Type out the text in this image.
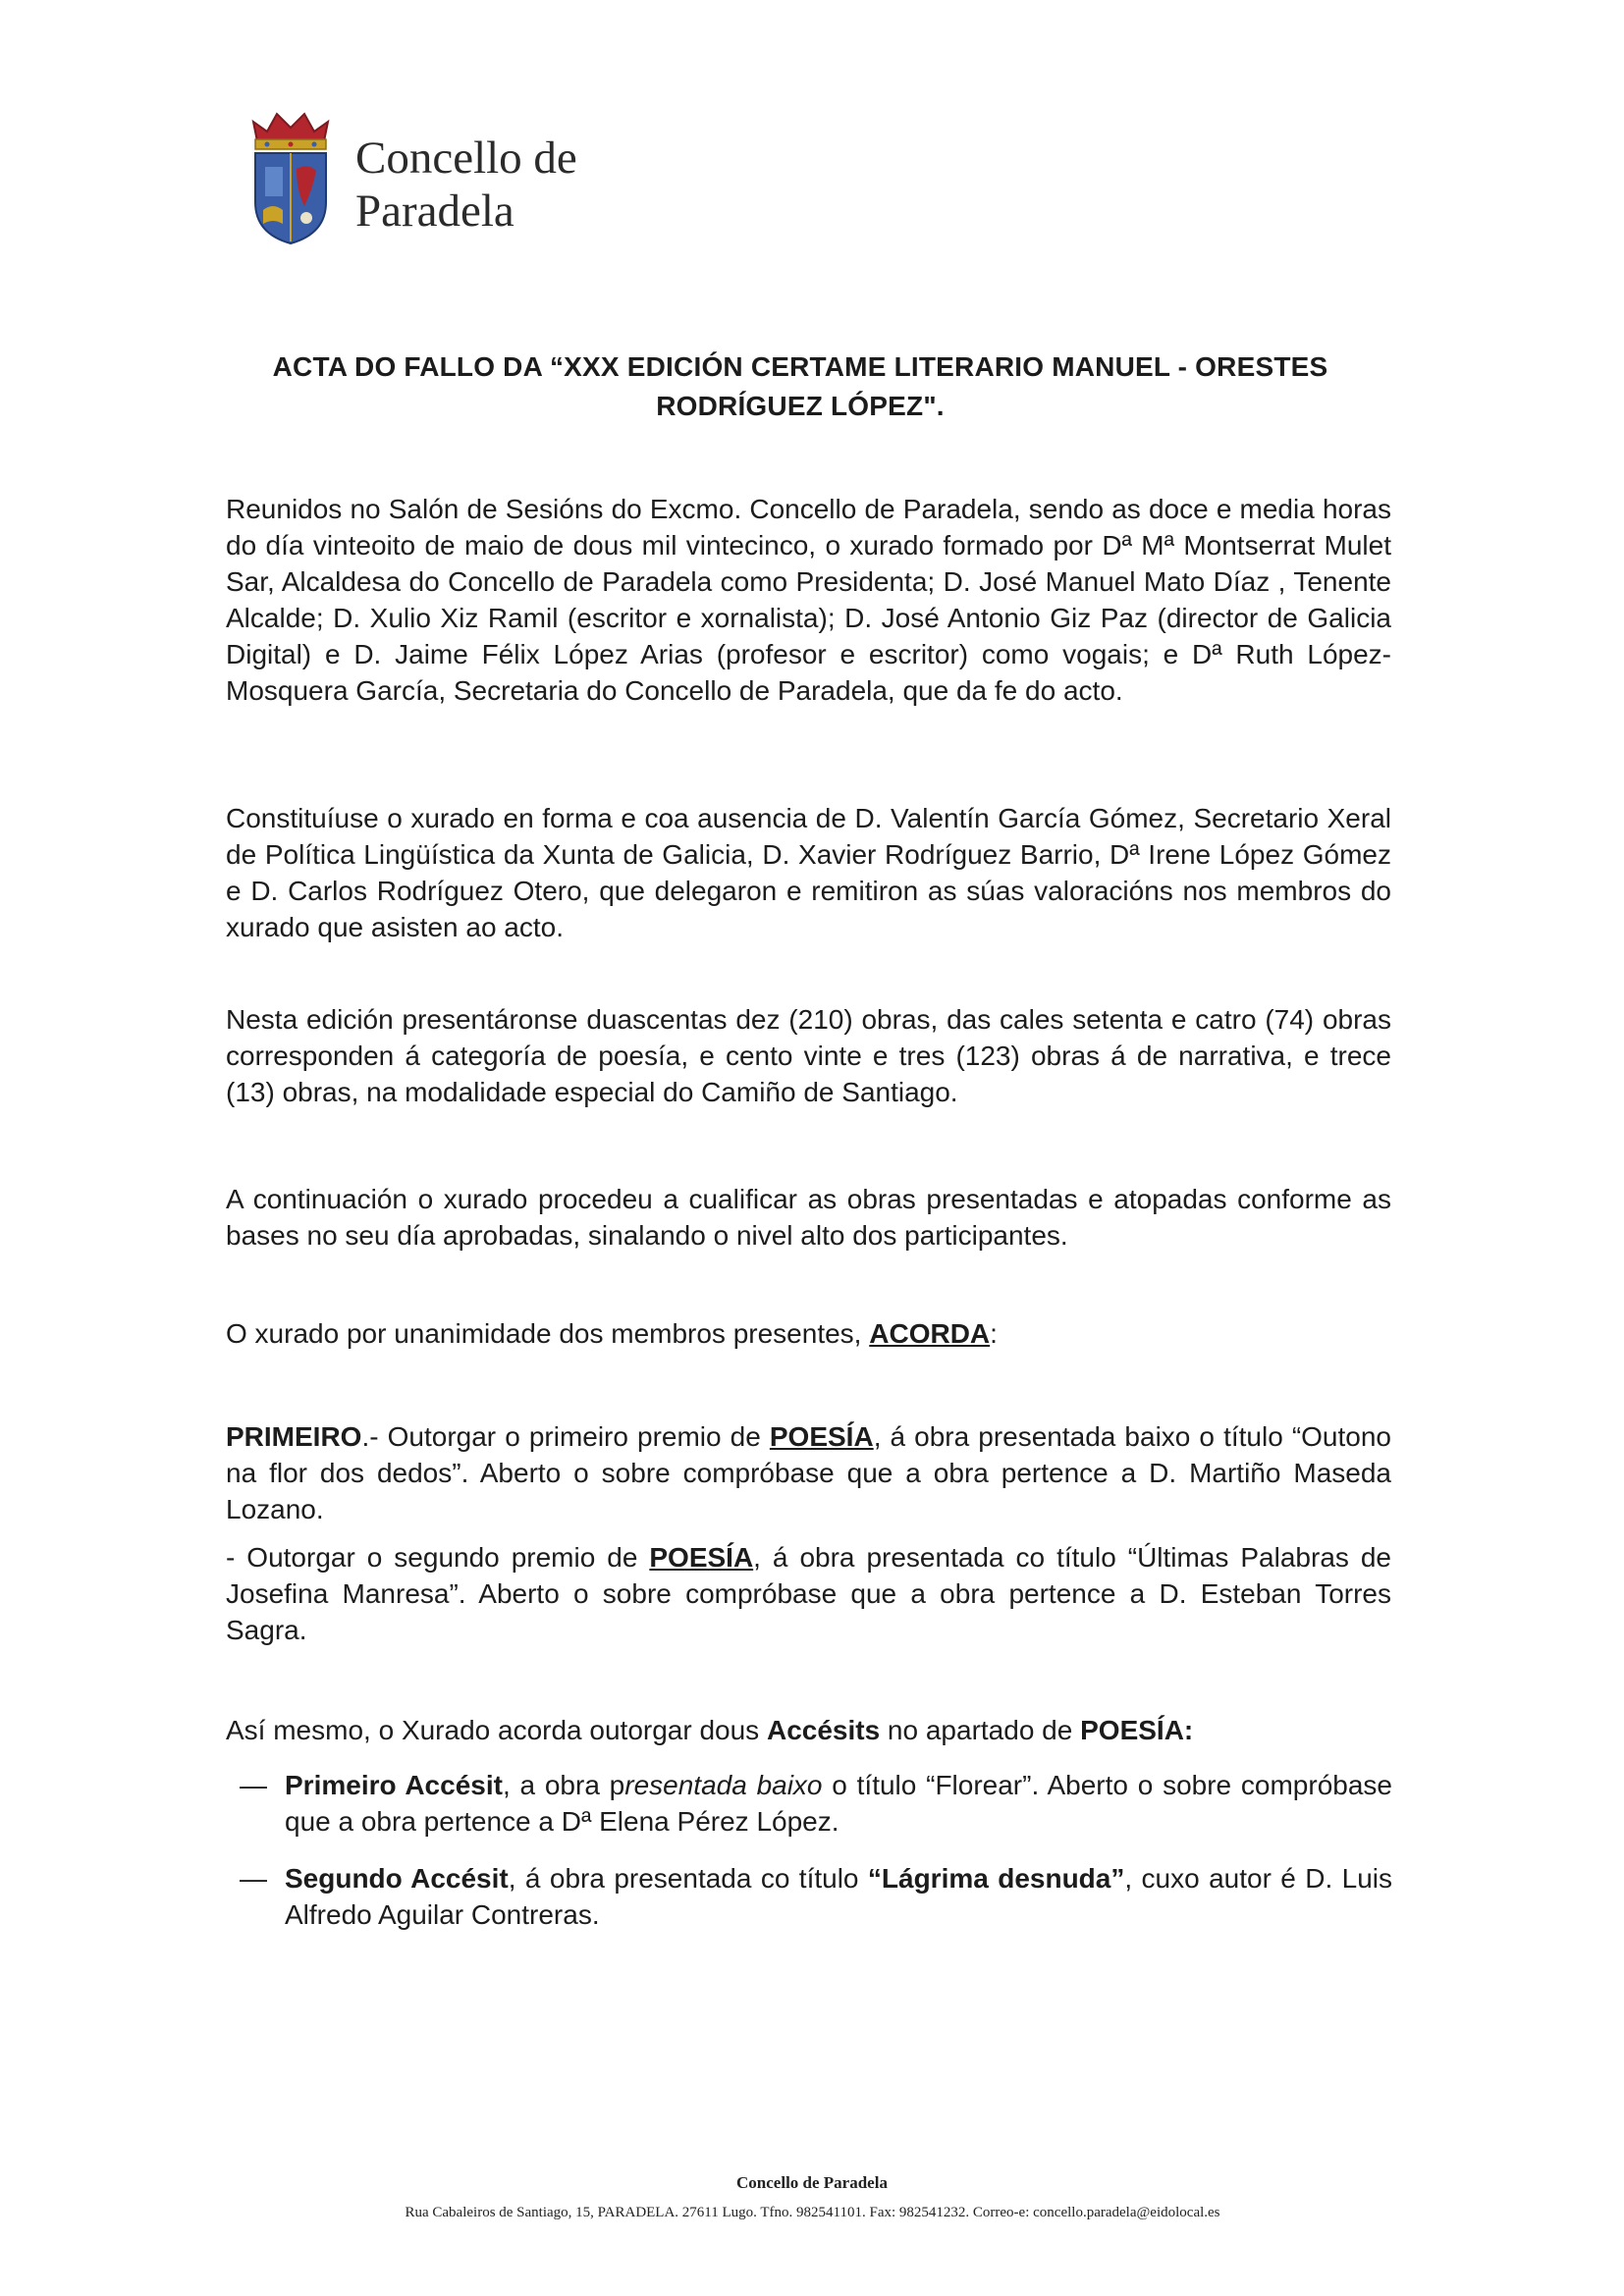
Concello de
Paradela
ACTA DO FALLO DA “XXX EDICIÓN CERTAME LITERARIO MANUEL - ORESTES
RODRÍGUEZ LÓPEZ".
Reunidos no Salón de Sesións do Excmo. Concello de Paradela, sendo as doce e media horas do día vinteoito de maio de dous mil vintecinco, o xurado formado por Dª Mª Montserrat Mulet Sar, Alcaldesa do Concello de Paradela como Presidenta; D. José Manuel Mato Díaz , Tenente Alcalde; D. Xulio Xiz Ramil (escritor e xornalista); D. José Antonio Giz Paz (director de Galicia Digital) e D. Jaime Félix López Arias (profesor e escritor) como vogais; e Dª Ruth López-Mosquera García, Secretaria do Concello de Paradela, que da fe do acto.
Constituíuse o xurado en forma e coa ausencia de D. Valentín García Gómez, Secretario Xeral de Política Lingüística da Xunta de Galicia, D. Xavier Rodríguez Barrio, Dª Irene López Gómez e D. Carlos Rodríguez Otero, que delegaron e remitiron as súas valoracións nos membros do xurado que asisten ao acto.
Nesta edición presentáronse duascentas dez (210) obras, das cales setenta e catro (74) obras corresponden á categoría de poesía, e cento vinte e tres (123) obras á de narrativa, e trece (13) obras, na modalidade especial do Camiño de Santiago.
A continuación o xurado procedeu a cualificar as obras presentadas e atopadas conforme as bases no seu día aprobadas, sinalando o nivel alto dos participantes.
O xurado por unanimidade dos membros presentes, ACORDA:
PRIMEIRO.- Outorgar o primeiro premio de POESÍA, á obra presentada baixo o título “Outono na flor dos dedos”. Aberto o sobre compróbase que a obra pertence a D. Martiño Maseda Lozano.
- Outorgar o segundo premio de POESÍA, á obra presentada co título “Últimas Palabras de Josefina Manresa”. Aberto o sobre compróbase que a obra pertence a D. Esteban Torres Sagra.
Así mesmo, o Xurado acorda outorgar dous Accésits no apartado de POESÍA:
— Primeiro Accésit, a obra presentada baixo o título “Florear”. Aberto o sobre compróbase que a obra pertence a Dª Elena Pérez López.
— Segundo Accésit, á obra presentada co título “Lágrima desnuda”, cuxo autor é D. Luis Alfredo Aguilar Contreras.
Concello de Paradela
Rua Cabaleiros de Santiago, 15, PARADELA. 27611 Lugo. Tfno. 982541101. Fax: 982541232. Correo-e: concello.paradela@eidolocal.es
